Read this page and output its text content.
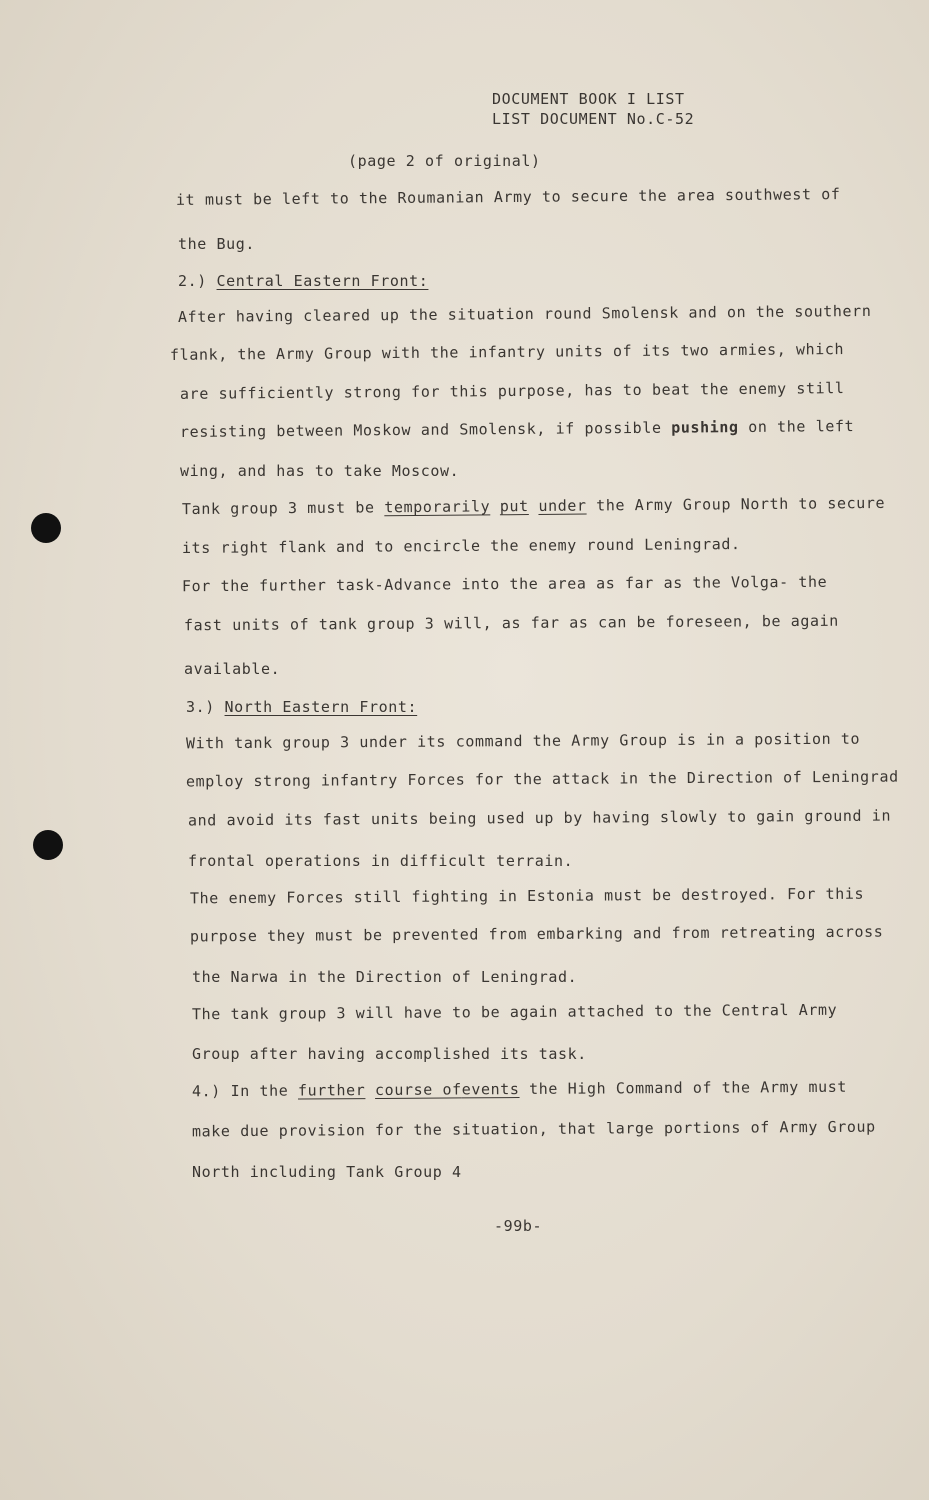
DOCUMENT BOOK I LIST
LIST DOCUMENT No.C-52
(page 2 of original)
it must be left to the Roumanian Army to secure the area southwest of
the Bug.
2.) Central Eastern Front:
After having cleared up the situation round Smolensk and on the southern
flank, the Army Group with the infantry units of its two armies, which
are sufficiently strong for this purpose, has to beat the enemy still
resisting between Moskow and Smolensk, if possible pushing on the left
wing, and has to take Moscow.
Tank group 3 must be temporarily put under the Army Group North to secure
its right flank and to encircle the enemy round Leningrad.
For the further task-Advance into the area as far as the Volga- the
fast units of tank group 3 will, as far as can be foreseen, be again
available.
3.) North Eastern Front:
With tank group 3 under its command the Army Group is in a position to
employ strong infantry Forces for the attack in the Direction of Leningrad
and avoid its fast units being used up by having slowly to gain ground in
frontal operations in difficult terrain.
The enemy Forces still fighting in Estonia must be destroyed. For this
purpose they must be prevented from embarking and from retreating across
the Narwa in the Direction of Leningrad.
The tank group 3 will have to be again attached to the Central Army
Group after having accomplished its task.
4.) In the further course ofevents the High Command of the Army must
make due provision for the situation, that large portions of Army Group
North including Tank Group 4
-99b-
